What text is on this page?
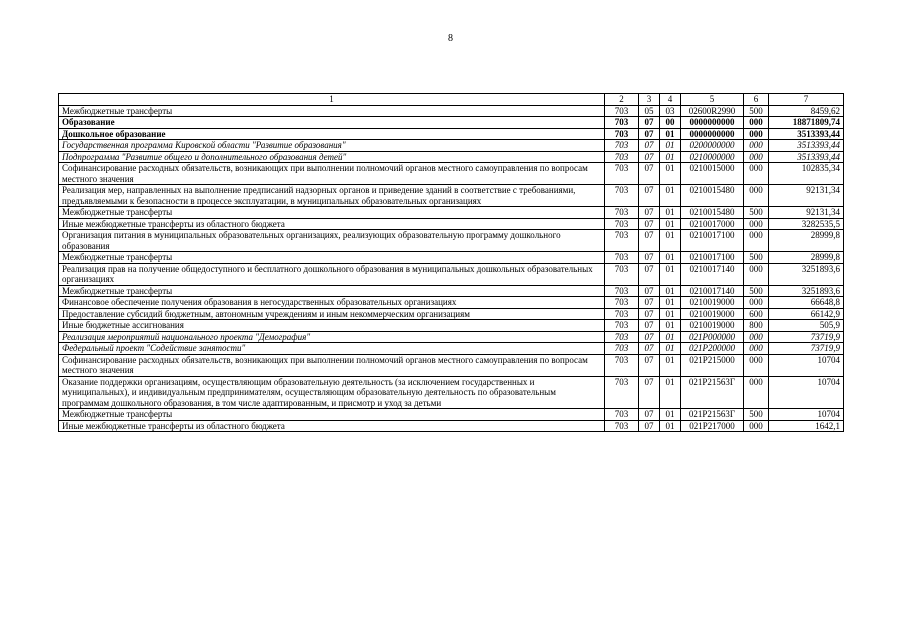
8
1	2	3	4	5	6	7
Межбюджетные трансферты	703	05	03	02600R2990	500	8459,62
Образование	703	07	00	0000000000	000	18871809,74
Дошкольное образование	703	07	01	0000000000	000	3513393,44
Государственная программа Кировской области "Развитие образования"	703	07	01	0200000000	000	3513393,44
Подпрограмма "Развитие общего и дополнительного образования детей"	703	07	01	0210000000	000	3513393,44
Софинансирование расходных обязательств, возникающих при выполнении полномочий органов местного самоуправления по вопросам местного значения	703	07	01	0210015000	000	102835,34
Реализация мер, направленных на выполнение предписаний надзорных органов и приведение зданий в соответствие с требованиями, предъявляемыми к безопасности в процессе эксплуатации, в муниципальных образовательных организациях	703	07	01	0210015480	000	92131,34
Межбюджетные трансферты	703	07	01	0210015480	500	92131,34
Иные межбюджетные трансферты из областного бюджета	703	07	01	0210017000	000	3282535,5
Организация питания в муниципальных образовательных организациях, реализующих образовательную программу дошкольного образования	703	07	01	0210017100	000	28999,8
Межбюджетные трансферты	703	07	01	0210017100	500	28999,8
Реализация прав на получение общедоступного и бесплатного дошкольного образования в муниципальных дошкольных образовательных организациях	703	07	01	0210017140	000	3251893,6
Межбюджетные трансферты	703	07	01	0210017140	500	3251893,6
Финансовое обеспечение получения образования в негосударственных образовательных организациях	703	07	01	0210019000	000	66648,8
Предоставление субсидий бюджетным, автономным учреждениям и иным некоммерческим организациям	703	07	01	0210019000	600	66142,9
Иные бюджетные ассигнования	703	07	01	0210019000	800	505,9
Реализация мероприятий национального проекта "Демография"	703	07	01	021P000000	000	73719,9
Федеральный проект "Содействие занятости"	703	07	01	021P200000	000	73719,9
Софинансирование расходных обязательств, возникающих при выполнении полномочий органов местного самоуправления по вопросам местного значения	703	07	01	021P215000	000	10704
Оказание поддержки организациям, осуществляющим образовательную деятельность (за исключением государственных и муниципальных), и индивидуальным предпринимателям, осуществляющим образовательную деятельность по образовательным программам дошкольного образования, в том числе адаптированным, и присмотр и уход за детьми	703	07	01	021P21563Г	000	10704
Межбюджетные трансферты	703	07	01	021P21563Г	500	10704
Иные межбюджетные трансферты из областного бюджета	703	07	01	021P217000	000	1642,1
